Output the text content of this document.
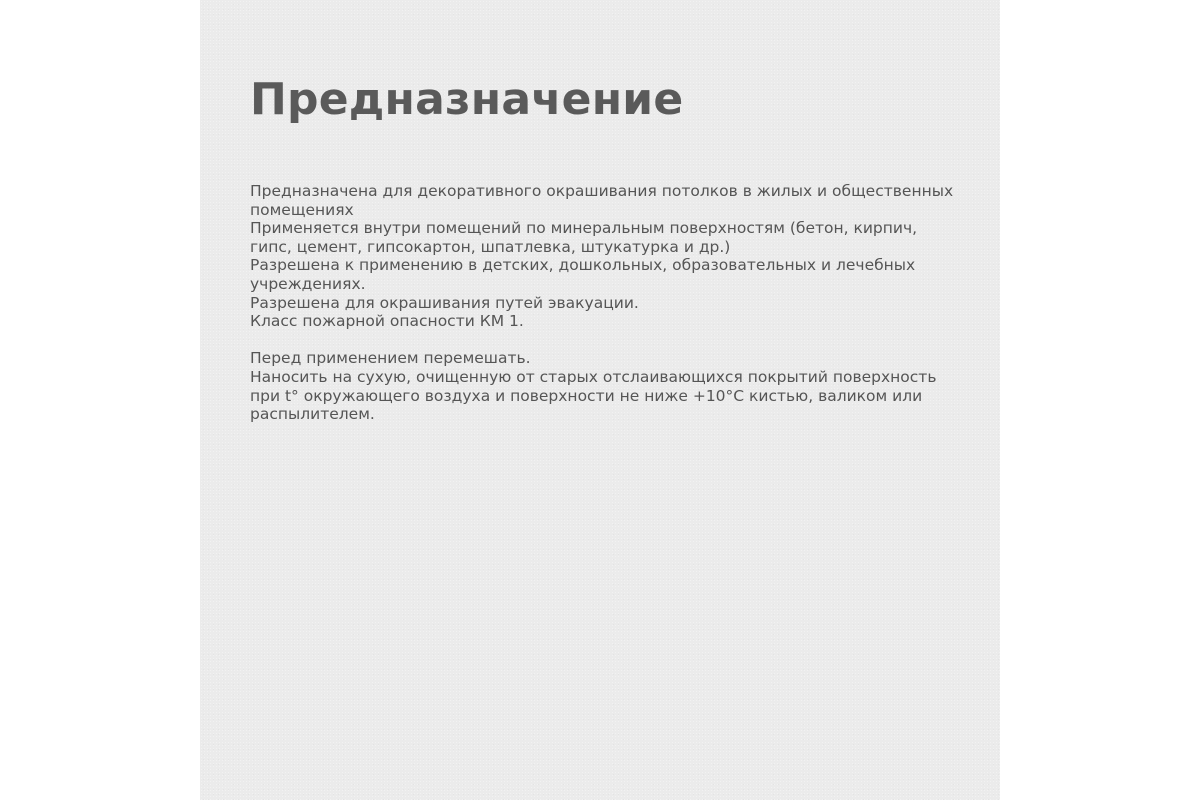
Предназначение

Предназначена для декоративного окрашивания потолков в жилых и общественных
помещениях
Применяется внутри помещений по минеральным поверхностям (бетон, кирпич,
гипс, цемент, гипсокартон, шпатлевка, штукатурка и др.)
Разрешена к применению в детских, дошкольных, образовательных и лечебных
учреждениях.
Разрешена для окрашивания путей эвакуации.
Класс пожарной опасности КМ 1.

Перед применением перемешать.
Наносить на сухую, очищенную от старых отслаивающихся покрытий поверхность
при t° окружающего воздуха и поверхности не ниже +10°С кистью, валиком или
распылителем.
